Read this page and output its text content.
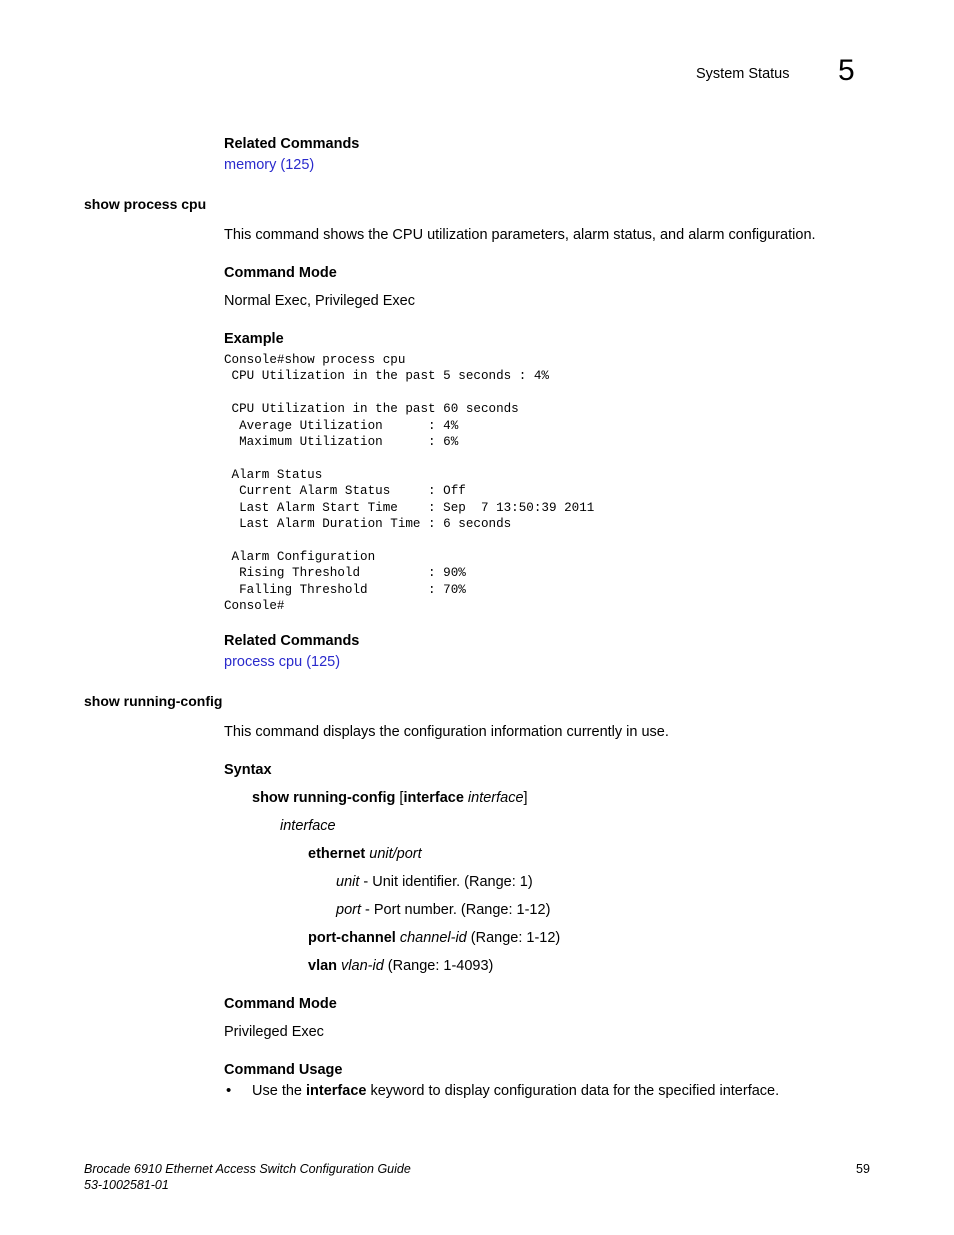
System Status 5
Related Commands
memory (125)
show process cpu
This command shows the CPU utilization parameters, alarm status, and alarm configuration.
Command Mode
Normal Exec, Privileged Exec
Example
Console#show process cpu
CPU Utilization in the past 5 seconds : 4%

CPU Utilization in the past 60 seconds
Average Utilization      : 4%
Maximum Utilization      : 6%

Alarm Status
Current Alarm Status     : Off
Last Alarm Start Time    : Sep  7 13:50:39 2011
Last Alarm Duration Time : 6 seconds

Alarm Configuration
Rising Threshold         : 90%
Falling Threshold        : 70%
Console#
Related Commands
process cpu (125)
show running-config
This command displays the configuration information currently in use.
Syntax
show running-config [interface interface]
interface
ethernet unit/port
unit - Unit identifier. (Range: 1)
port - Port number. (Range: 1-12)
port-channel channel-id (Range: 1-12)
vlan vlan-id (Range: 1-4093)
Command Mode
Privileged Exec
Command Usage
• Use the interface keyword to display configuration data for the specified interface.
Brocade 6910 Ethernet Access Switch Configuration Guide
53-1002581-01
59
